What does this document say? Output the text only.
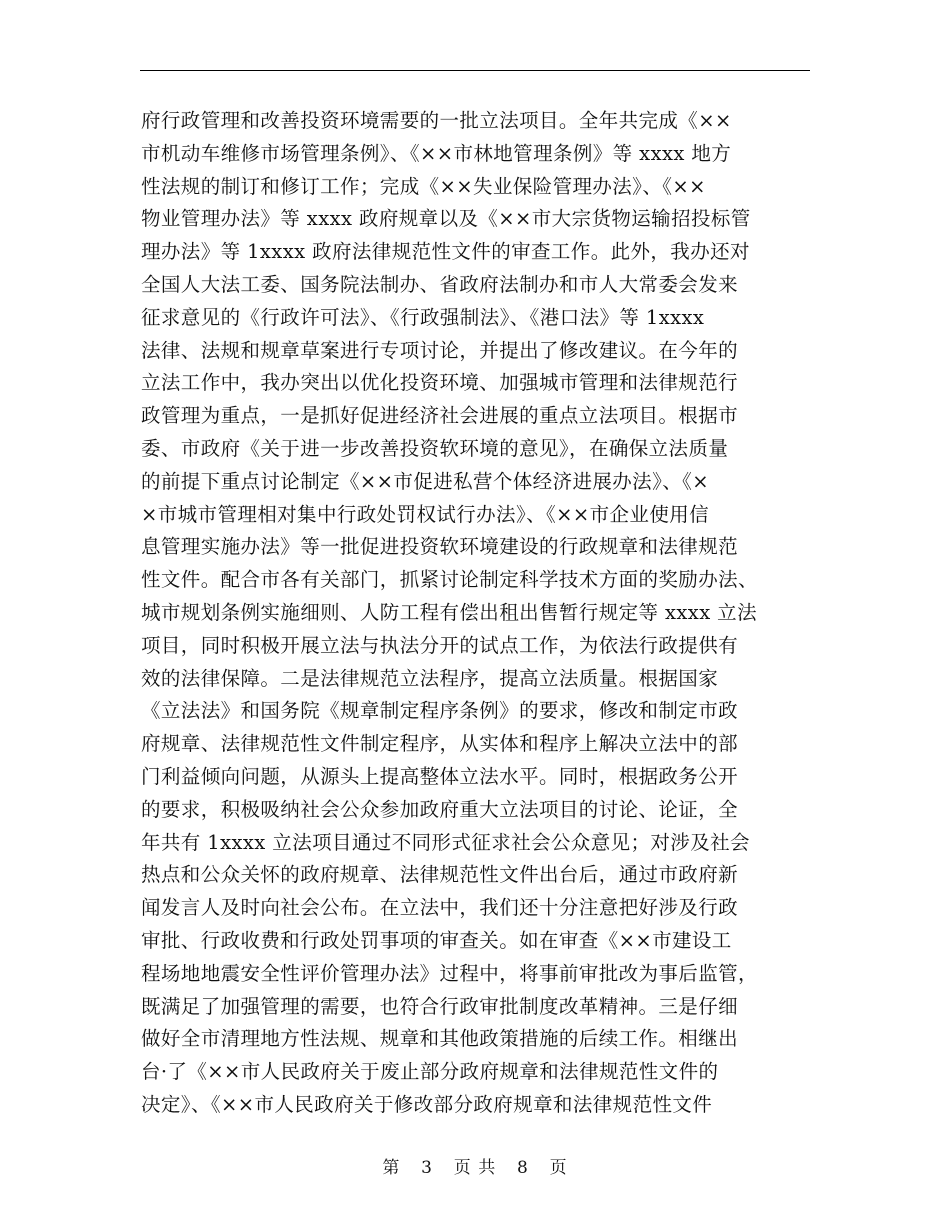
府行政管理和改善投资环境需要的一批立法项目。全年共完成《××
市机动车维修市场管理条例》、《××市林地管理条例》等 xxxx 地方
性法规的制订和修订工作；完成《××失业保险管理办法》、《××
物业管理办法》等 xxxx 政府规章以及《××市大宗货物运输招投标管
理办法》等 1xxxx 政府法律规范性文件的审查工作。此外，我办还对
全国人大法工委、国务院法制办、省政府法制办和市人大常委会发来
征求意见的《行政许可法》、《行政强制法》、《港口法》等 1xxxx
法律、法规和规章草案进行专项讨论，并提出了修改建议。在今年的
立法工作中，我办突出以优化投资环境、加强城市管理和法律规范行
政管理为重点，一是抓好促进经济社会进展的重点立法项目。根据市
委、市政府《关于进一步改善投资软环境的意见》，在确保立法质量
的前提下重点讨论制定《××市促进私营个体经济进展办法》、《×
×市城市管理相对集中行政处罚权试行办法》、《××市企业使用信
息管理实施办法》等一批促进投资软环境建设的行政规章和法律规范
性文件。配合市各有关部门，抓紧讨论制定科学技术方面的奖励办法、
城市规划条例实施细则、人防工程有偿出租出售暂行规定等 xxxx 立法
项目，同时积极开展立法与执法分开的试点工作，为依法行政提供有
效的法律保障。二是法律规范立法程序，提高立法质量。根据国家
《立法法》和国务院《规章制定程序条例》的要求，修改和制定市政
府规章、法律规范性文件制定程序，从实体和程序上解决立法中的部
门利益倾向问题，从源头上提高整体立法水平。同时，根据政务公开
的要求，积极吸纳社会公众参加政府重大立法项目的讨论、论证，全
年共有 1xxxx 立法项目通过不同形式征求社会公众意见；对涉及社会
热点和公众关怀的政府规章、法律规范性文件出台后，通过市政府新
闻发言人及时向社会公布。在立法中，我们还十分注意把好涉及行政
审批、行政收费和行政处罚事项的审查关。如在审查《××市建设工
程场地地震安全性评价管理办法》过程中，将事前审批改为事后监管，
既满足了加强管理的需要，也符合行政审批制度改革精神。三是仔细
做好全市清理地方性法规、规章和其他政策措施的后续工作。相继出
台·了《××市人民政府关于废止部分政府规章和法律规范性文件的
决定》、《××市人民政府关于修改部分政府规章和法律规范性文件
第 3 页 共 8 页
